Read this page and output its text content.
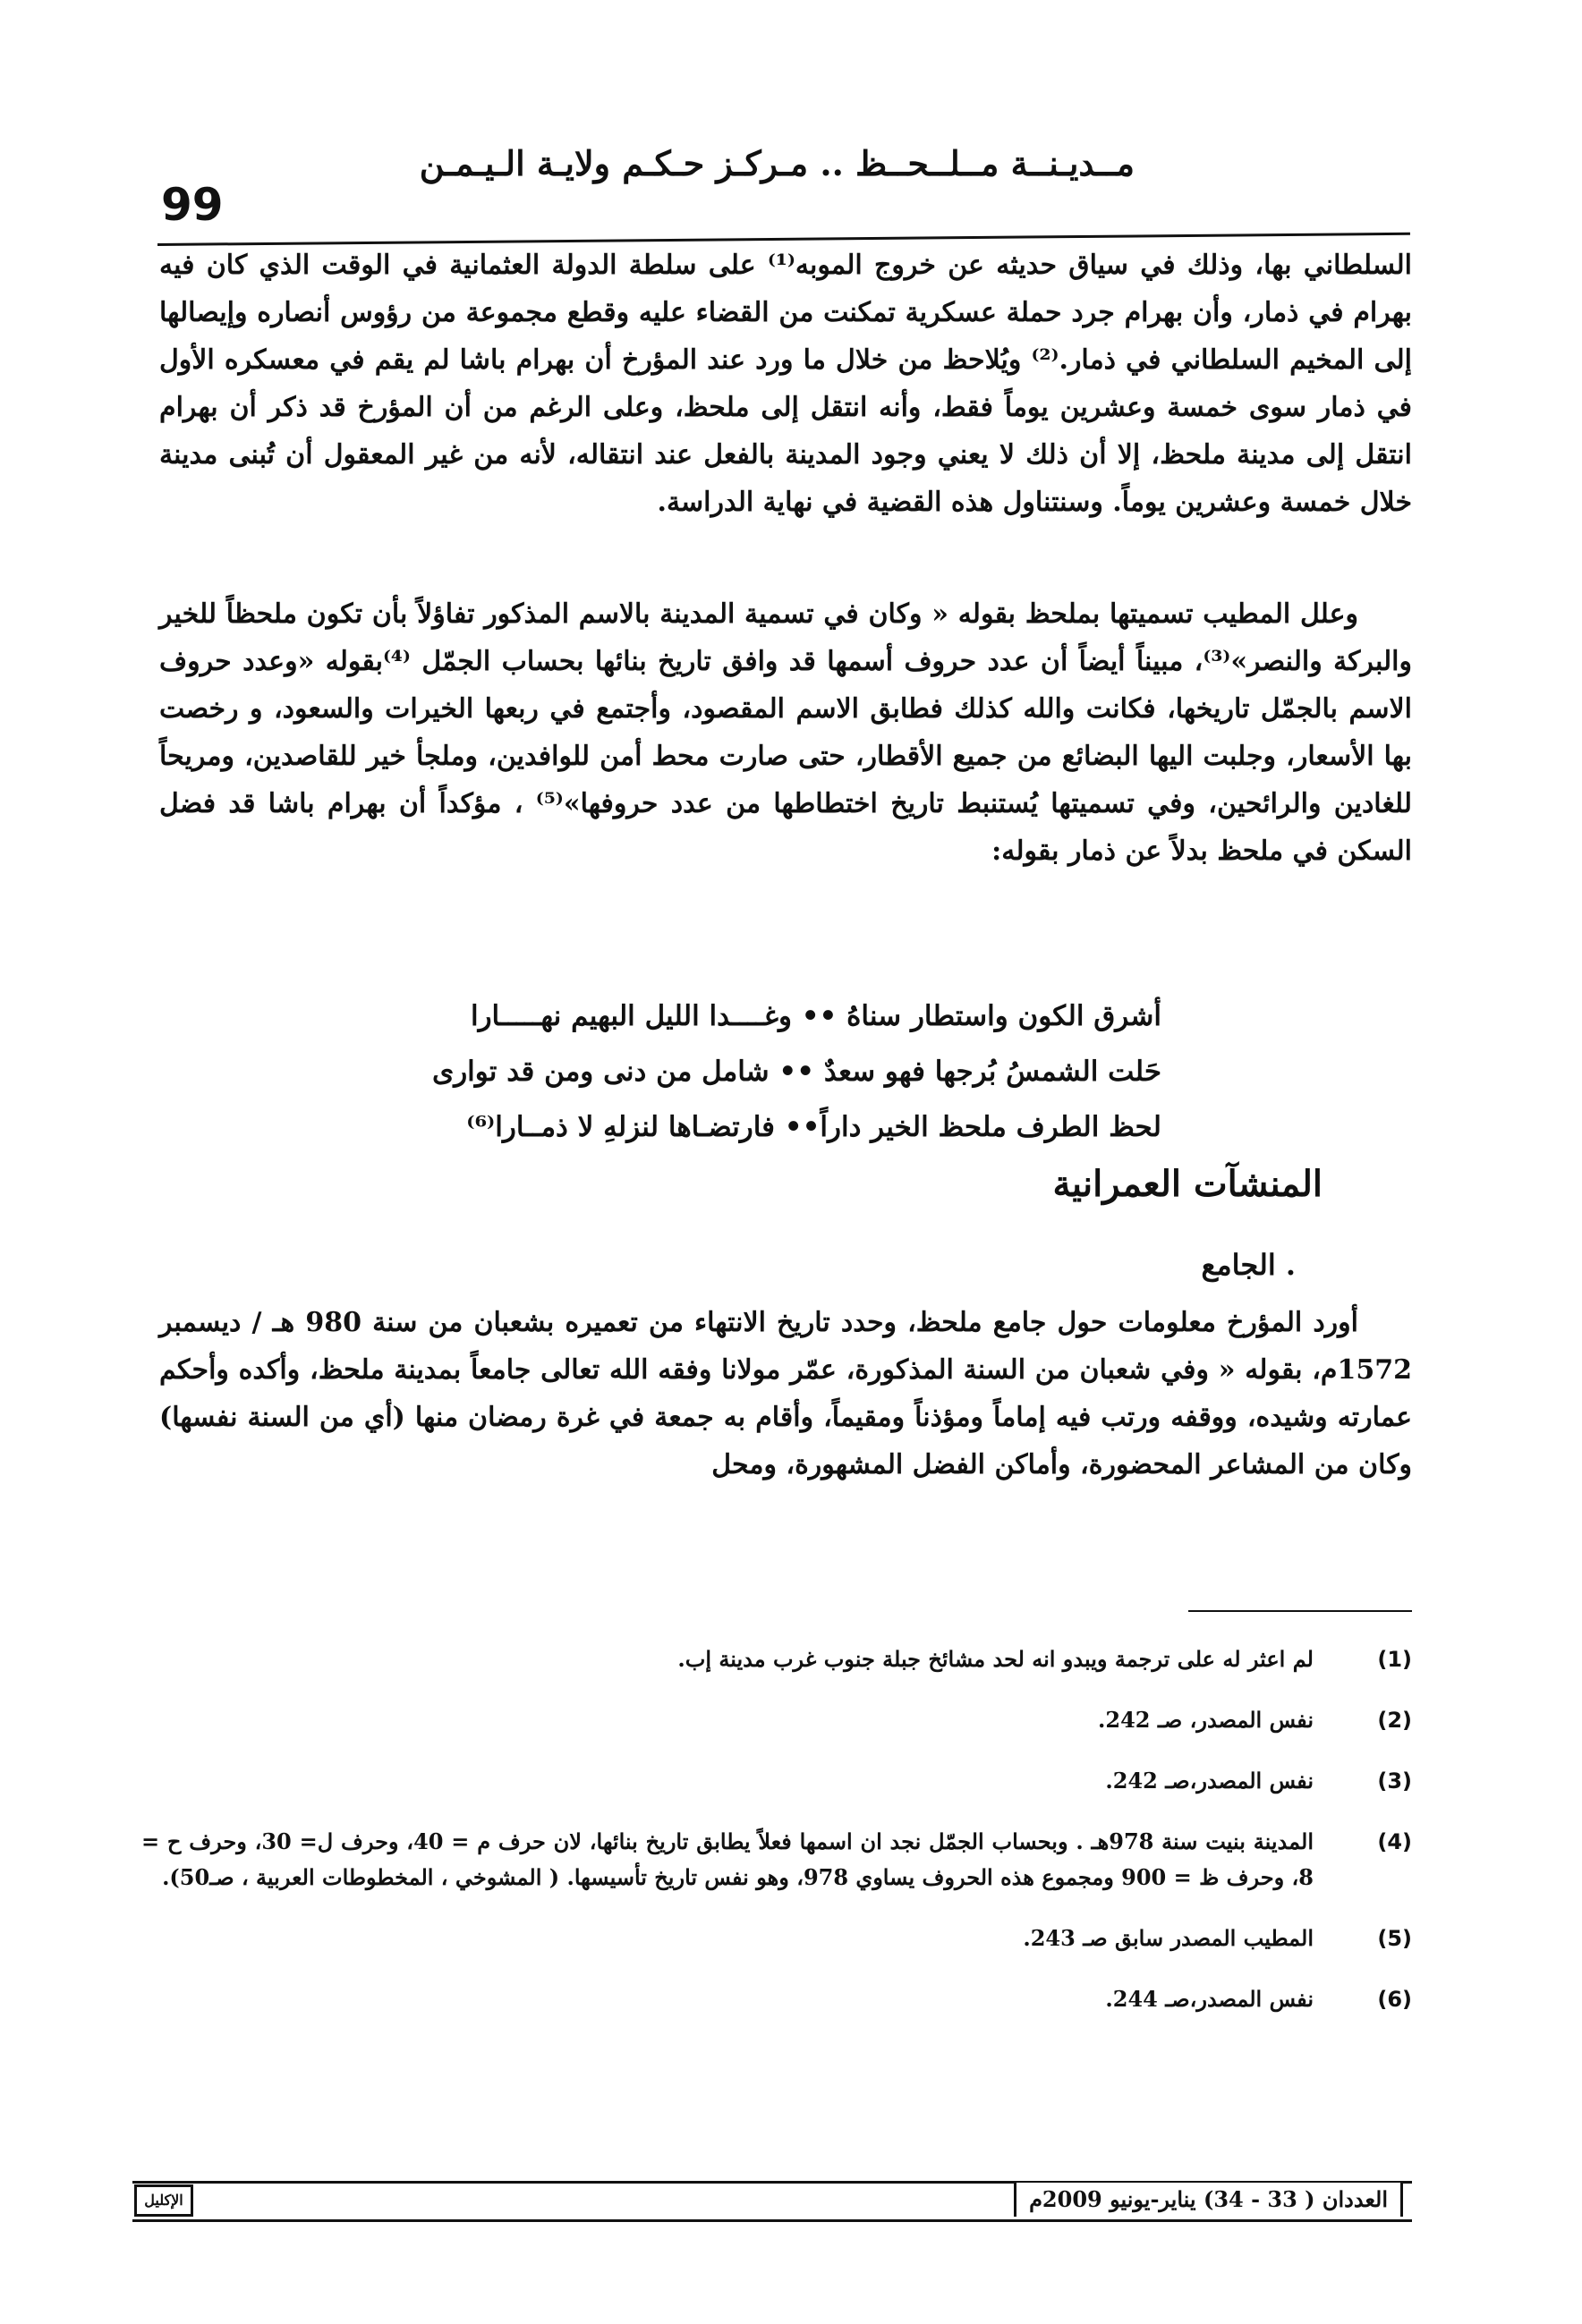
مــديـنــة مــلــحــظ .. مـركـز حـكـم ولايـة الـيـمـن
99

السلطاني بها، وذلك في سياق حديثه عن خروج الموبه⁽¹⁾ على سلطة الدولة العثمانية في الوقت الذي كان فيه بهرام في ذمار، وأن بهرام جرد حملة عسكرية تمكنت من القضاء عليه وقطع مجموعة من رؤوس أنصاره وإيصالها إلى المخيم السلطاني في ذمار.⁽²⁾ ويُلاحظ من خلال ما ورد عند المؤرخ أن بهرام باشا لم يقم في معسكره الأول في ذمار سوى خمسة وعشرين يوماً فقط، وأنه انتقل إلى ملحظ، وعلى الرغم من أن المؤرخ قد ذكر أن بهرام انتقل إلى مدينة ملحظ، إلا أن ذلك لا يعني وجود المدينة بالفعل عند انتقاله، لأنه من غير المعقول أن تُبنى مدينة خلال خمسة وعشرين يوماً. وسنتناول هذه القضية في نهاية الدراسة.

وعلل المطيب تسميتها بملحظ بقوله « وكان في تسمية المدينة بالاسم المذكور تفاؤلاً بأن تكون ملحظاً للخير والبركة والنصر»⁽³⁾، مبيناً أيضاً أن عدد حروف أسمها قد وافق تاريخ بنائها بحساب الجمّل ⁽⁴⁾بقوله «وعدد حروف الاسم بالجمّل تاريخها، فكانت والله كذلك فطابق الاسم المقصود، وأجتمع في ربعها الخيرات والسعود، و رخصت بها الأسعار، وجلبت اليها البضائع من جميع الأقطار، حتى صارت محط أمن للوافدين، وملجأ خير للقاصدين، ومريحاً للغادين والرائحين، وفي تسميتها يُستنبط تاريخ اختطاطها من عدد حروفها»⁽⁵⁾ ، مؤكداً أن بهرام باشا قد فضل السكن في ملحظ بدلاً عن ذمار بقوله:

أشرق الكون واستطار سناهُ •• وغــــدا الليل البهيم نهـــــارا
حَلت الشمسُ بُرجها فهو سعدٌ •• شامل من دنى ومن قد توارى
لحظ الطرف ملحظ الخير داراً•• فارتضـاها لنزلهِ لا ذمــارا⁽⁶⁾
المنشآت العمرانية
. الجامع

أورد المؤرخ معلومات حول جامع ملحظ، وحدد تاريخ الانتهاء من تعميره بشعبان من سنة 980 هـ / ديسمبر 1572م، بقوله « وفي شعبان من السنة المذكورة، عمّر مولانا وفقه الله تعالى جامعاً بمدينة ملحظ، وأكده وأحكم عمارته وشيده، ووقفه ورتب فيه إماماً ومؤذناً ومقيماً، وأقام به جمعة في غرة رمضان منها (أي من السنة نفسها) وكان من المشاعر المحضورة، وأماكن الفضل المشهورة، ومحل

(1)
لم اعثر له على ترجمة ويبدو انه لحد مشائخ جبلة جنوب غرب مدينة إب.
(2)
نفس المصدر، صـ 242.
(3)
نفس المصدر،صـ 242.
(4)
المدينة بنيت سنة 978هـ . وبحساب الجمّل نجد ان اسمها فعلاً يطابق تاريخ بنائها، لان حرف م = 40، وحرف ل= 30، وحرف ح = 8، وحرف ظ = 900 ومجموع هذه الحروف يساوي 978، وهو نفس تاريخ تأسيسها. ( المشوخي ، المخطوطات العربية ، صـ50).
(5)
المطيب المصدر سابق صـ 243.
(6)
نفس المصدر،صـ 244.
العددان ( 33 - 34) يناير-يونيو 2009م
الإكليل
